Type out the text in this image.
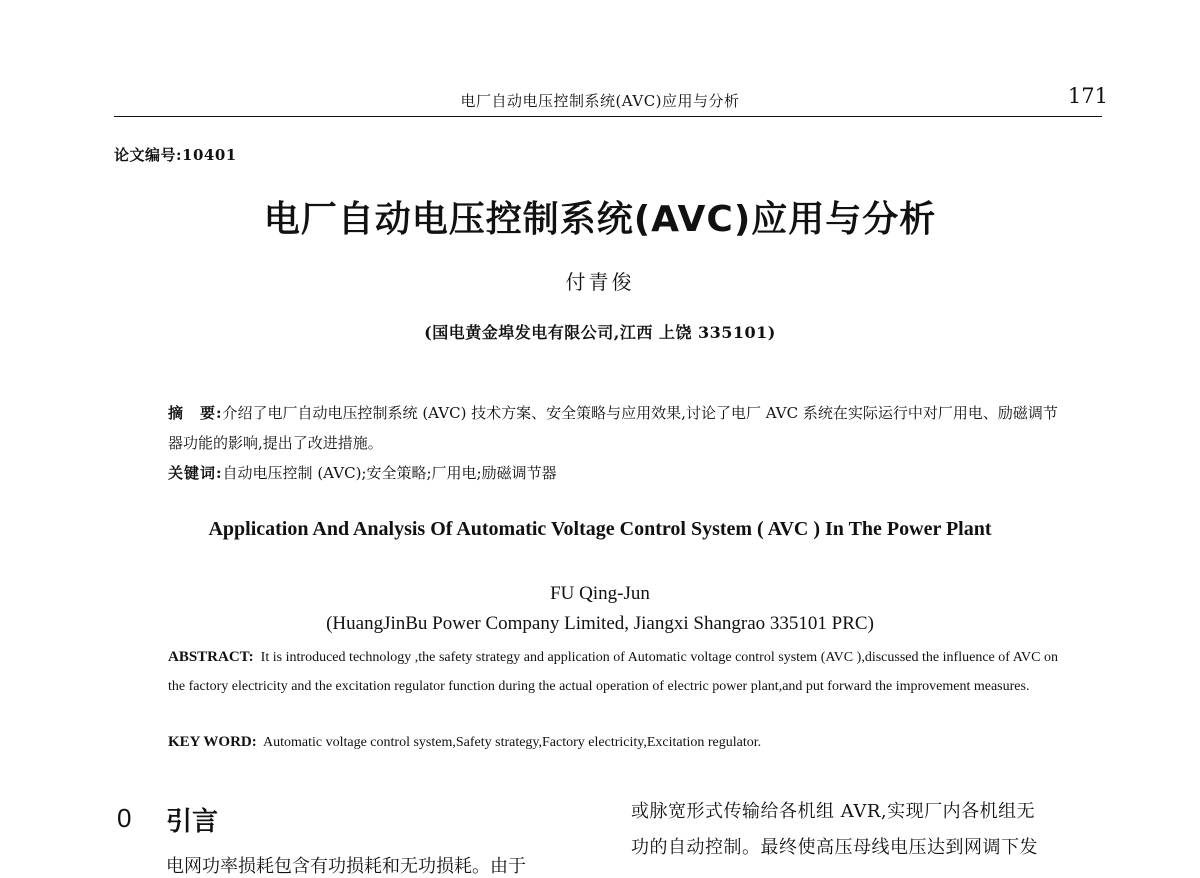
电厂自动电压控制系统(AVC)应用与分析	171
论文编号:10401
电厂自动电压控制系统(AVC)应用与分析
付青俊
(国电黄金埠发电有限公司,江西 上饶 335101)
摘　要:介绍了电厂自动电压控制系统 (AVC) 技术方案、安全策略与应用效果,讨论了电厂 AVC 系统在实际运行中对厂用电、励磁调节器功能的影响,提出了改进措施。
关键词:自动电压控制 (AVC);安全策略;厂用电;励磁调节器
Application And Analysis Of Automatic Voltage Control System ( AVC ) In The Power Plant
FU Qing-Jun
(HuangJinBu Power Company Limited, Jiangxi Shangrao 335101 PRC)
ABSTRACT: It is introduced technology ,the safety strategy and application of Automatic voltage control system (AVC ),discussed the influence of AVC on the factory electricity and the excitation regulator function during the actual operation of electric power plant,and put forward the improvement measures.
KEY WORD: Automatic voltage control system,Safety strategy,Factory electricity,Excitation regulator.
0 引言
电网功率损耗包含有功损耗和无功损耗。由于
或脉宽形式传输给各机组 AVR,实现厂内各机组无
功的自动控制。最终使高压母线电压达到网调下发
